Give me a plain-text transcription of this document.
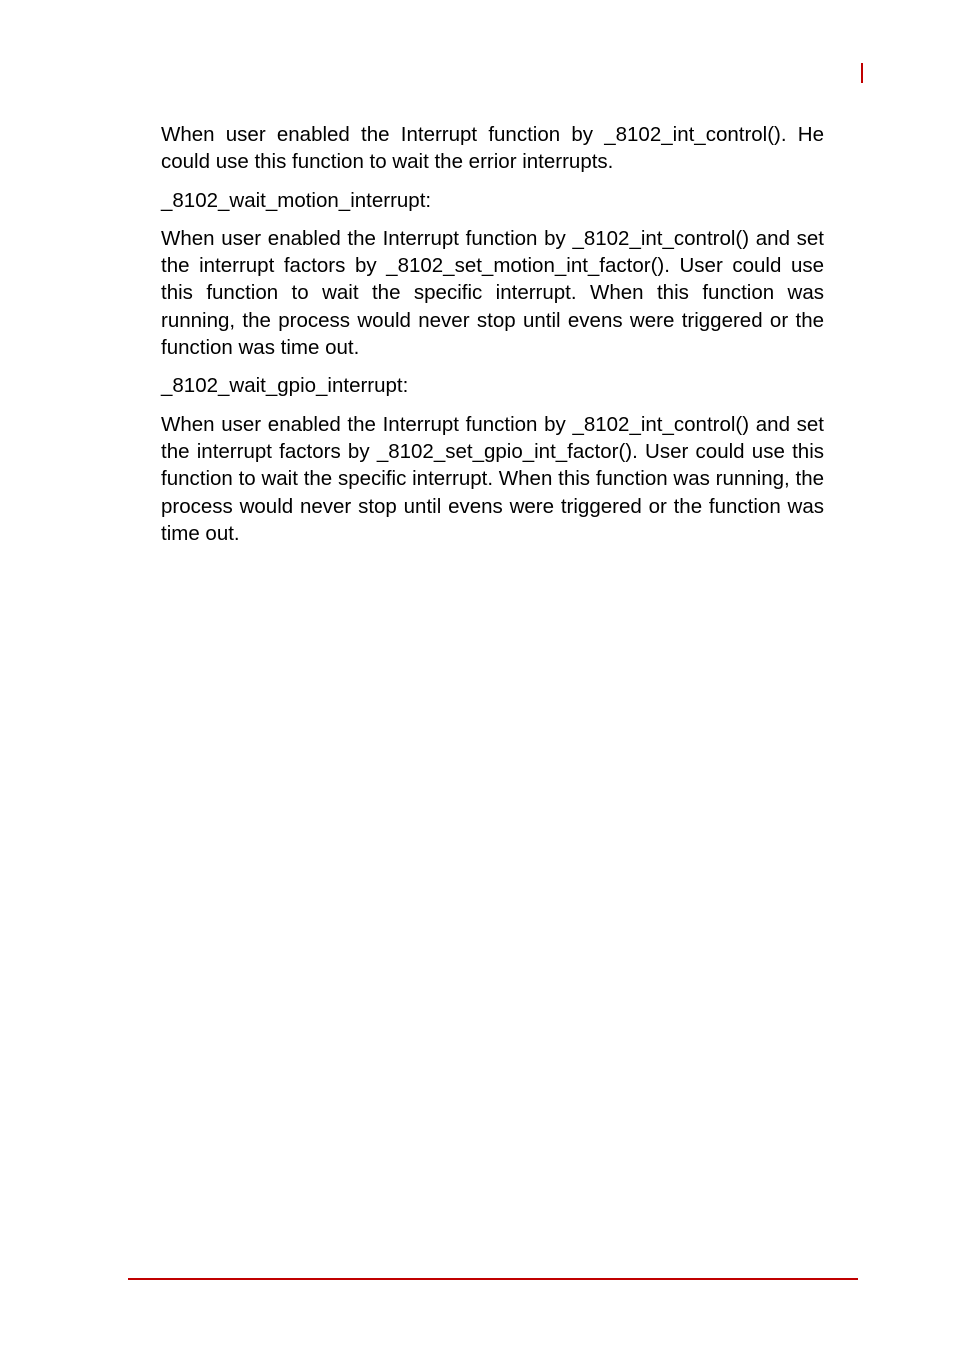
When user enabled the Interrupt function by _8102_int_control(). He could use this function to wait the errior interrupts.

_8102_wait_motion_interrupt:

When user enabled the Interrupt function by _8102_int_control() and set the interrupt factors by _8102_set_motion_int_factor(). User could use this function to wait the specific interrupt. When this function was running, the process would never stop until evens were triggered or the function was time out.

_8102_wait_gpio_interrupt:

When user enabled the Interrupt function by _8102_int_control() and set the interrupt factors by _8102_set_gpio_int_factor(). User could use this function to wait the specific interrupt. When this function was running, the process would never stop until evens were triggered or the function was time out.
